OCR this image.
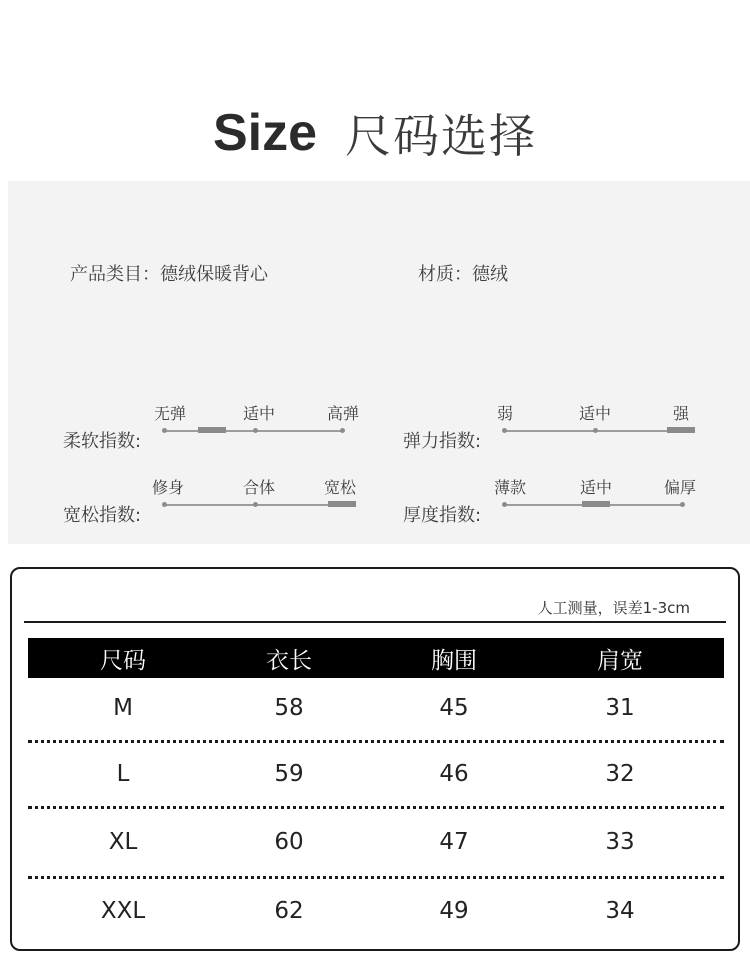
Size 尺码选择
产品类目：德绒保暖背心	材质：德绒
柔软指数:
无弹	适中	高弹
弹力指数:
弱	适中	强
宽松指数:
修身	合体	宽松
厚度指数:
薄款	适中	偏厚
人工测量，误差1-3cm
尺码	衣长	胸围	肩宽
M	58	45	31
L	59	46	32
XL	60	47	33
XXL	62	49	34
